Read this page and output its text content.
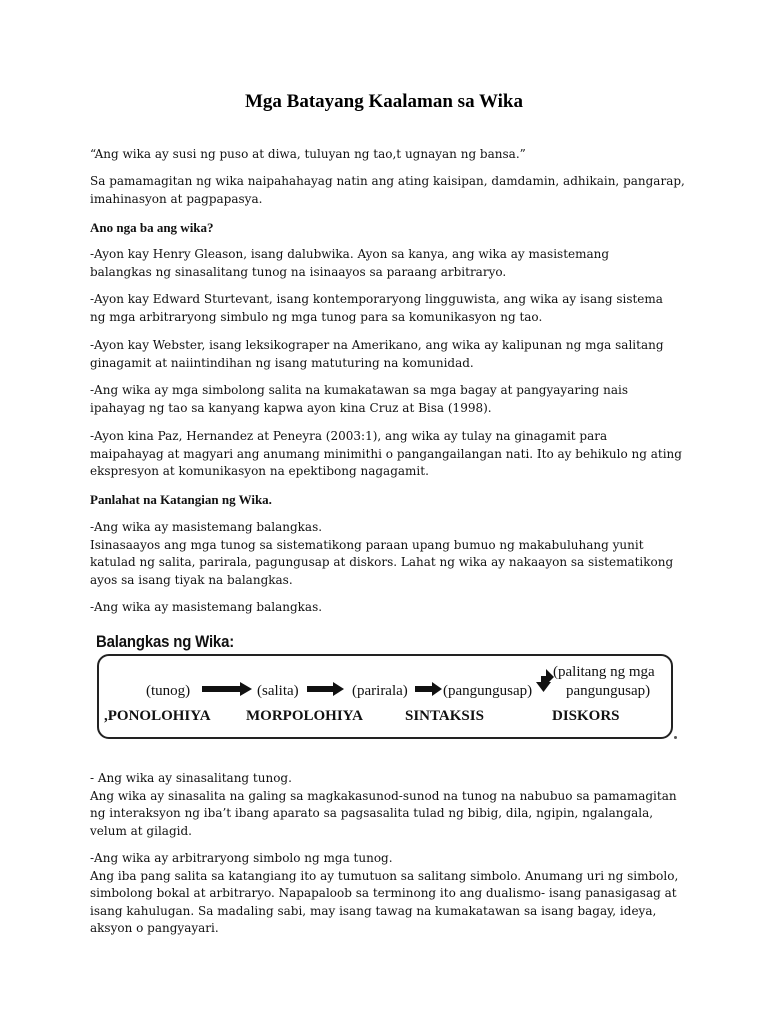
Mga Batayang Kaalaman sa Wika

“Ang wika ay susi ng puso at diwa, tuluyan ng tao,t ugnayan ng bansa.”

Sa pamamagitan ng wika naipahahayag natin ang ating kaisipan, damdamin, adhikain, pangarap,
imahinasyon at pagpapasya.

Ano nga ba ang wika?

-Ayon kay Henry Gleason, isang dalubwika. Ayon sa kanya, ang wika ay masistemang
balangkas ng sinasalitang tunog na isinaayos sa paraang arbitraryo.

-Ayon kay Edward Sturtevant, isang kontemporaryong lingguwista, ang wika ay isang sistema
ng mga arbitraryong simbulo ng mga tunog para sa komunikasyon ng tao.

-Ayon kay Webster, isang leksikograper na Amerikano, ang wika ay kalipunan ng mga salitang
ginagamit at naiintindihan ng isang matuturing na komunidad.

-Ang wika ay mga simbolong salita na kumakatawan sa mga bagay at pangyayaring nais
ipahayag ng tao sa kanyang kapwa ayon kina Cruz at Bisa (1998).

-Ayon kina Paz, Hernandez at Peneyra (2003:1), ang wika ay tulay na ginagamit para
maipahayag at magyari ang anumang minimithi o pangangailangan nati. Ito ay behikulo ng ating
ekspresyon at komunikasyon na epektibong nagagamit.

Panlahat na Katangian ng Wika.

-Ang wika ay masistemang balangkas.
Isinasaayos ang mga tunog sa sistematikong paraan upang bumuo ng makabuluhang yunit
katulad ng salita, parirala, pagungusap at diskors. Lahat ng wika ay nakaayon sa sistematikong
ayos sa isang tiyak na balangkas.

-Ang wika ay masistemang balangkas.

Balangkas ng Wika:

(tunog)

,PONOLOHIYA

(salita)

MORPOLOHIYA

(parirala)

SINTAKSIS

(pangungusap)

DISKORS

(palitang ng mga

pangungusap)

- Ang wika ay sinasalitang tunog.
Ang wika ay sinasalita na galing sa magkakasunod-sunod na tunog na nabubuo sa pamamagitan
ng interaksyon ng iba’t ibang aparato sa pagsasalita tulad ng bibig, dila, ngipin, ngalangala,
velum at gilagid.

-Ang wika ay arbitraryong simbolo ng mga tunog.
Ang iba pang salita sa katangiang ito ay tumutuon sa salitang simbolo. Anumang uri ng simbolo,
simbolong bokal at arbitraryo. Napapaloob sa terminong ito ang dualismo- isang panasigasag at
isang kahulugan. Sa madaling sabi, may isang tawag na kumakatawan sa isang bagay, ideya,
aksyon o pangyayari.
